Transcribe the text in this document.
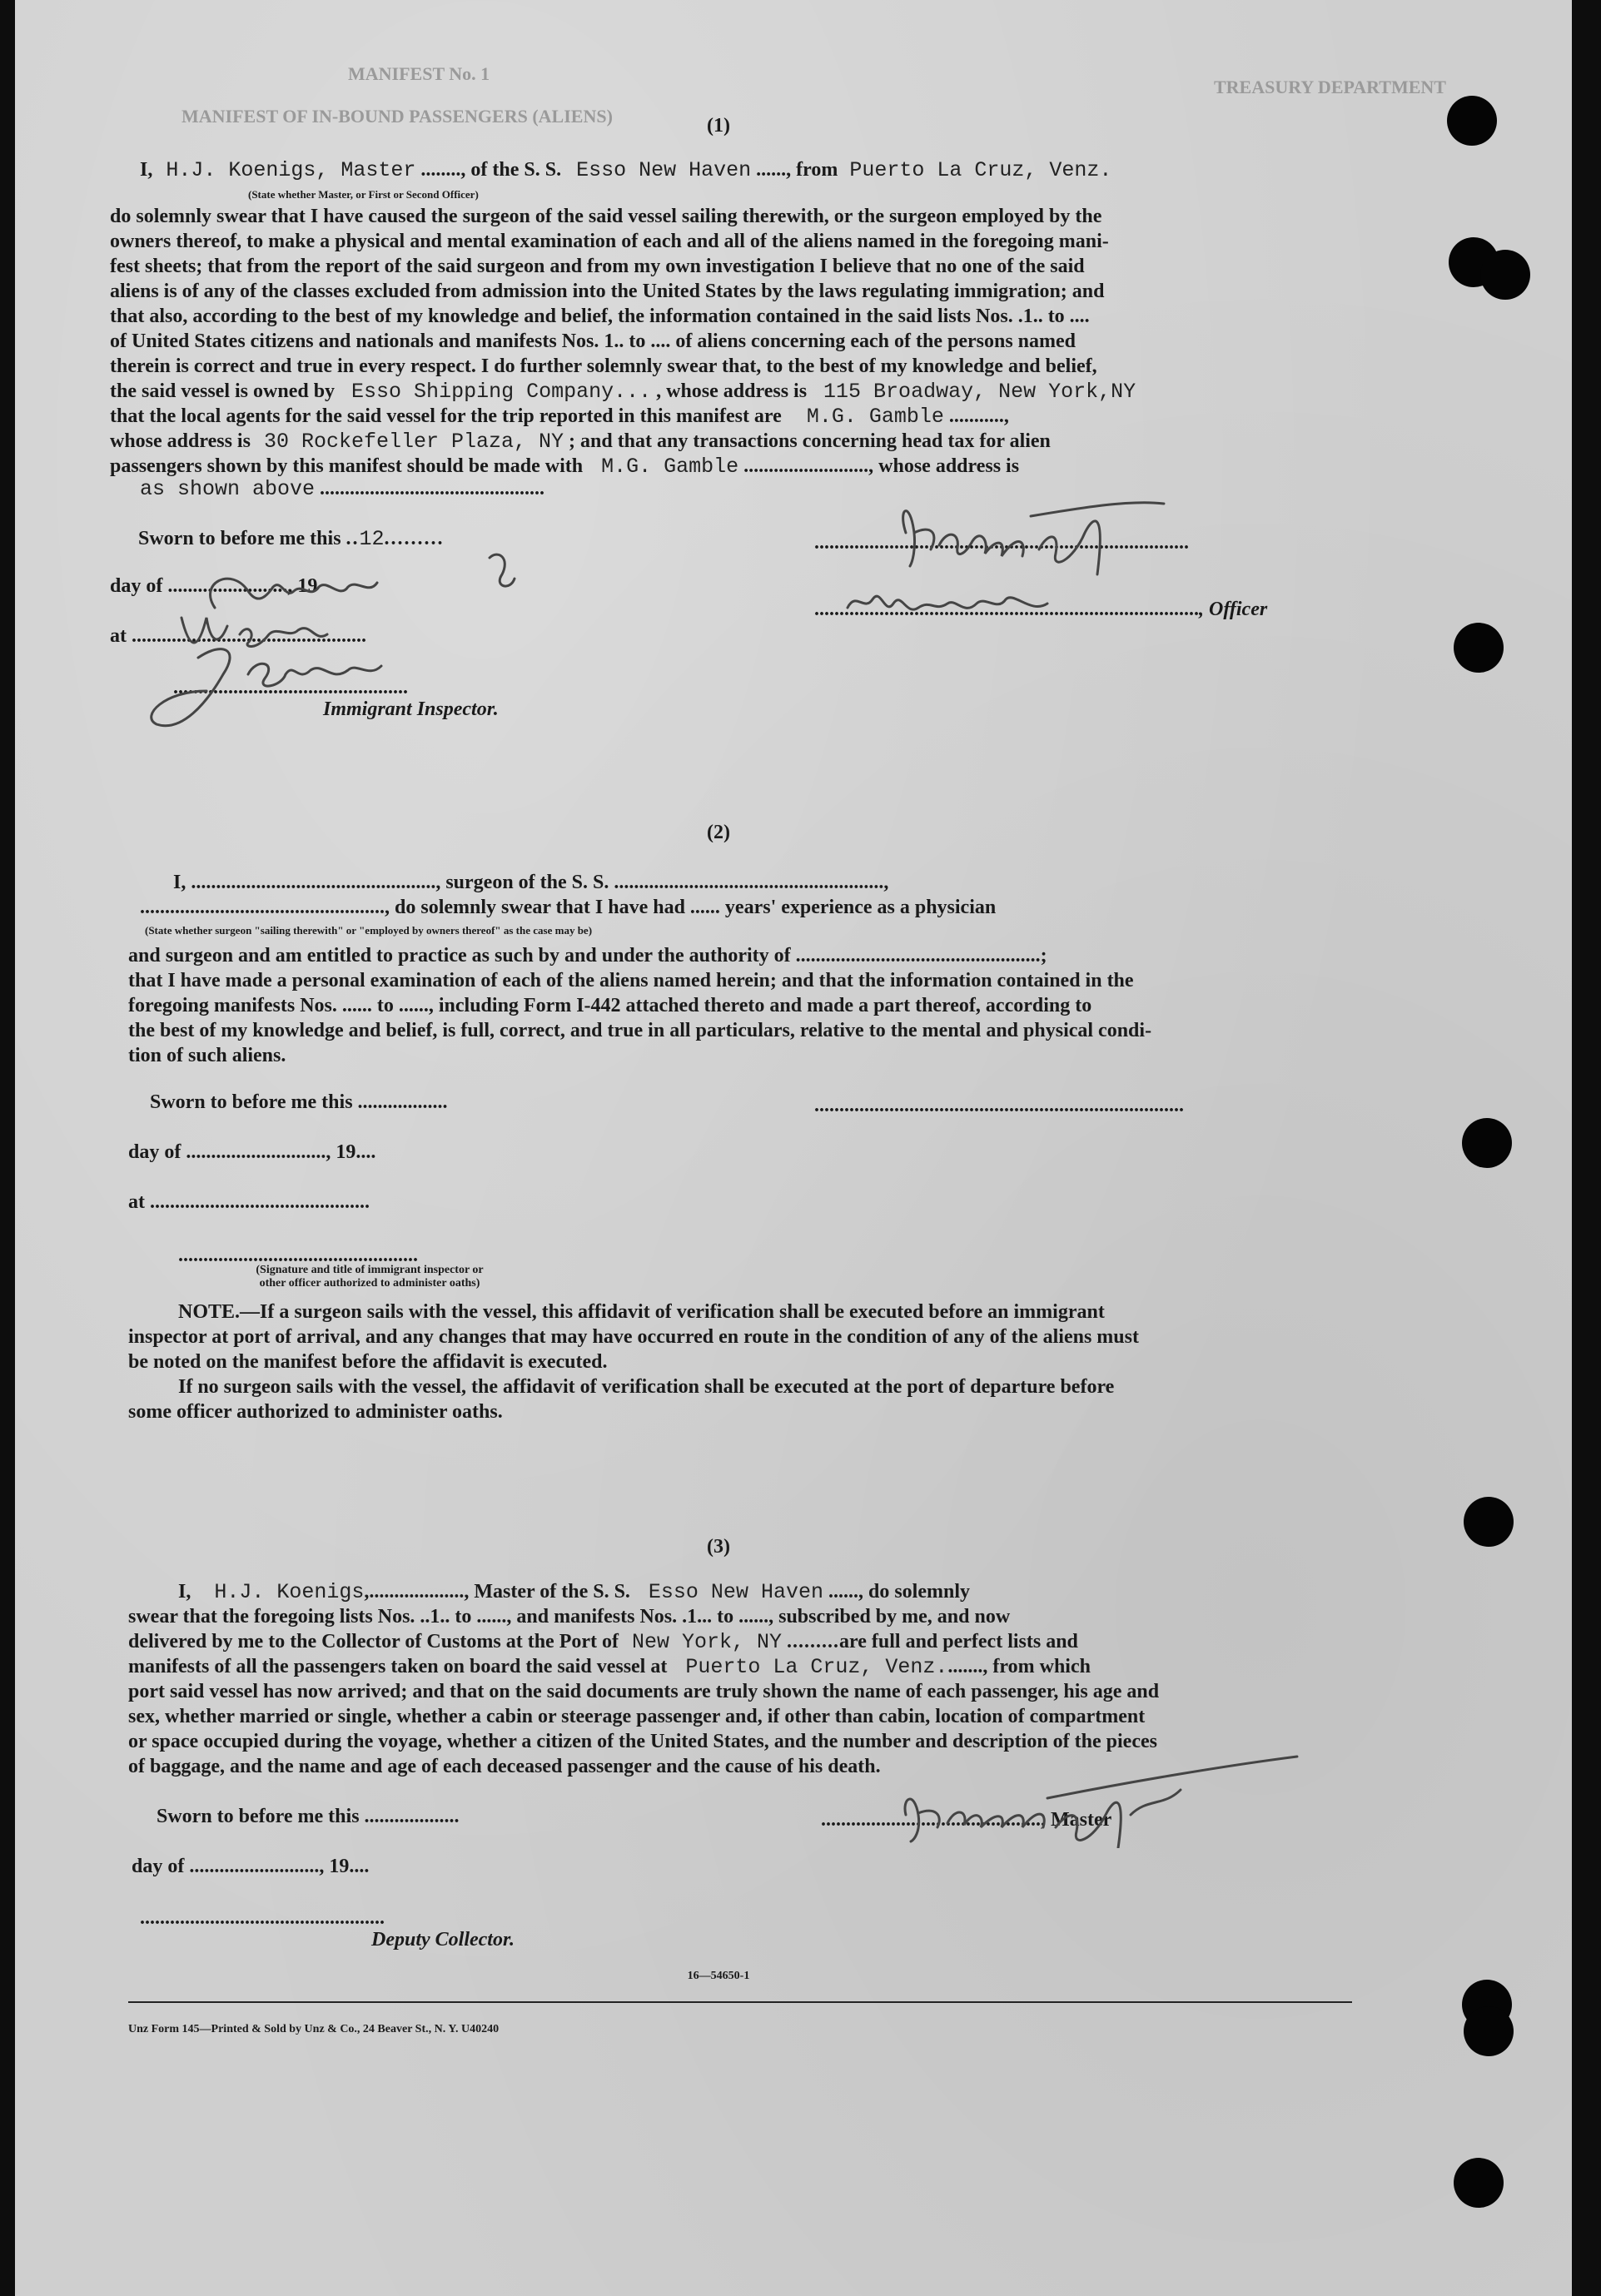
MANIFEST No. 1
MANIFEST OF IN-BOUND PASSENGERS (ALIENS)
TREASURY DEPARTMENT
(1)
I, H.J. Koenigs, Master ........, of the S. S. Esso New Haven ......, from Puerto La Cruz, Venz.
(State whether Master, or First or Second Officer)
do solemnly swear that I have caused the surgeon of the said vessel sailing therewith, or the surgeon employed by the
owners thereof, to make a physical and mental examination of each and all of the aliens named in the foregoing mani-
fest sheets; that from the report of the said surgeon and from my own investigation I believe that no one of the said
aliens is of any of the classes excluded from admission into the United States by the laws regulating immigration; and
that also, according to the best of my knowledge and belief, the information contained in the said lists Nos. .1.. to ....
of United States citizens and nationals and manifests Nos. 1.. to .... of aliens concerning each of the persons named
therein is correct and true in every respect. I do further solemnly swear that, to the best of my knowledge and belief,
the said vessel is owned by Esso Shipping Company... , whose address is 115 Broadway, New York,NY
that the local agents for the said vessel for the trip reported in this manifest are M.G. Gamble ...........,
whose address is 30 Rockefeller Plaza, NY ; and that any transactions concerning head tax for alien
passengers shown by this manifest should be made with M.G. Gamble ........................., whose address is
as shown above .............................................
Sworn to before me this ..12.........
day of ........................, 19
at ...............................................
...............................................
Immigrant Inspector.
...........................................................................
............................................................................., Officer
(2)
I, ................................................., surgeon of the S. S. ......................................................,
................................................., do solemnly swear that I have had ...... years' experience as a physician
(State whether surgeon "sailing therewith" or "employed by owners thereof" as the case may be)
and surgeon and am entitled to practice as such by and under the authority of .................................................;
that I have made a personal examination of each of the aliens named herein; and that the information contained in the
foregoing manifests Nos. ...... to ......, including Form I-442 attached thereto and made a part thereof, according to
the best of my knowledge and belief, is full, correct, and true in all particulars, relative to the mental and physical condi-
tion of such aliens.
Sworn to before me this ..................	..........................................................................
day of ............................, 19....
at ............................................
................................................
(Signature and title of immigrant inspector or
other officer authorized to administer oaths)
NOTE.—If a surgeon sails with the vessel, this affidavit of verification shall be executed before an immigrant
inspector at port of arrival, and any changes that may have occurred en route in the condition of any of the aliens must
be noted on the manifest before the affidavit is executed.
If no surgeon sails with the vessel, the affidavit of verification shall be executed at the port of departure before
some officer authorized to administer oaths.
(3)
I, H.J. Koenigs,..................., Master of the S. S. Esso New Haven ......, do solemnly
swear that the foregoing lists Nos. ..1.. to ......, and manifests Nos. .1... to ......, subscribed by me, and now
delivered by me to the Collector of Customs at the Port of New York, NY .........are full and perfect lists and
manifests of all the passengers taken on board the said vessel at Puerto La Cruz, Venz........, from which
port said vessel has now arrived; and that on the said documents are truly shown the name of each passenger, his age and
sex, whether married or single, whether a cabin or steerage passenger and, if other than cabin, location of compartment
or space occupied during the voyage, whether a citizen of the United States, and the number and description of the pieces
of baggage, and the name and age of each deceased passenger and the cause of his death.
Sworn to before me this ...................	............................................, Master
day of .........................., 19....
.................................................
Deputy Collector.
16—54650-1
Unz Form 145—Printed & Sold by Unz & Co., 24 Beaver St., N. Y. U40240
